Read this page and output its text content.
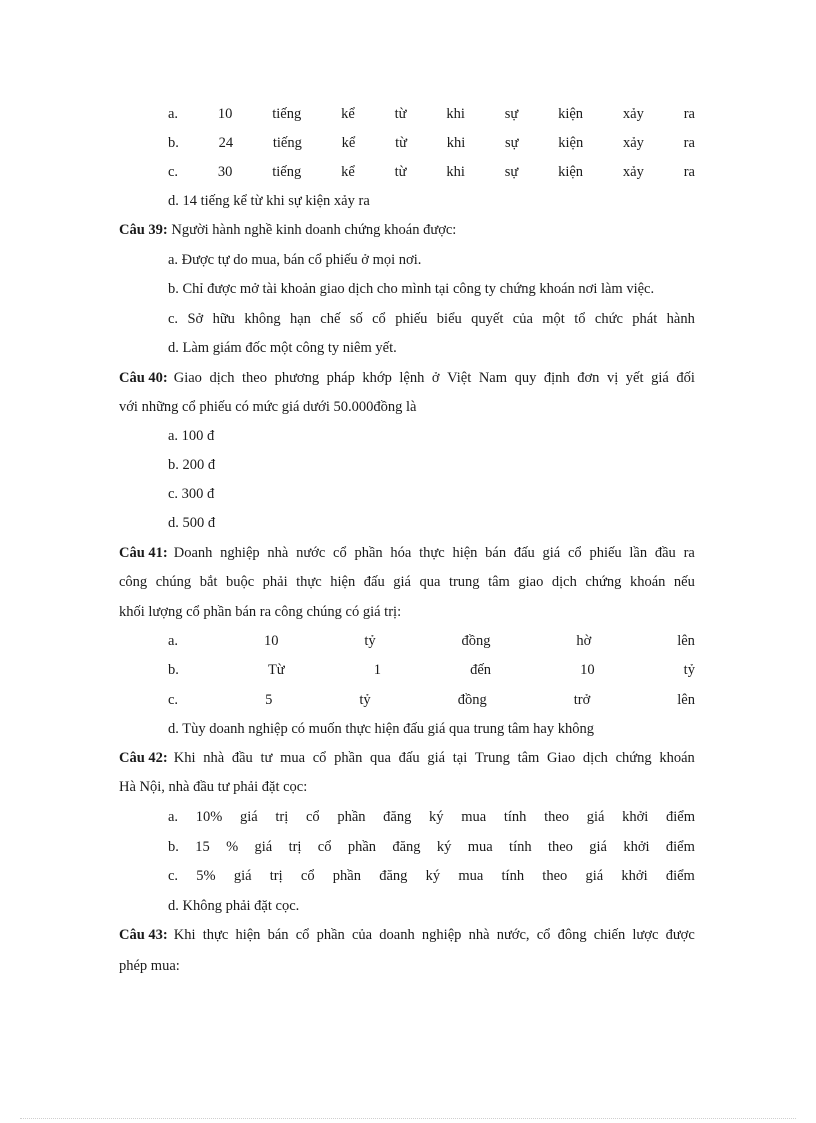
a.	10	tiếng	kể	từ	khi	sự	kiện	xảy	ra
b.	24	tiếng	kể	từ	khi	sự	kiện	xảy	ra
c.	30	tiếng	kể	từ	khi	sự	kiện	xảy	ra
d. 14 tiếng kể từ khi sự kiện xảy ra
Câu 39: Người hành nghề kinh doanh chứng khoán được:
a. Được tự do mua, bán cổ phiếu ở mọi nơi.
b. Chỉ được mở tài khoản giao dịch cho mình tại công ty chứng khoán nơi làm việc.
c. Sở hữu không hạn chế số cổ phiếu biểu quyết của một tổ chức phát hành
d. Làm giám đốc một công ty niêm yết.
Câu 40: Giao dịch theo phương pháp khớp lệnh ở Việt Nam quy định đơn vị yết giá đối
với những cổ phiếu có mức giá dưới 50.000đồng là
a. 100 đ
b. 200 đ
c. 300 đ
d. 500 đ
Câu 41: Doanh nghiệp nhà nước cổ phần hóa thực hiện bán đấu giá cổ phiếu lần đầu ra
công chúng bắt buộc phải thực hiện đấu giá qua trung tâm giao dịch chứng khoán nếu
khối lượng cổ phần bán ra công chúng có giá trị:
a.	10	tỷ	đồng	hờ	lên
b.	Từ	1	đến	10	tỷ
c.	5	tỷ	đồng	trở	lên
d. Tùy doanh nghiệp có muốn thực hiện đấu giá qua trung tâm hay không
Câu 42: Khi nhà đầu tư mua cổ phần qua đấu giá tại Trung tâm Giao dịch chứng khoán
Hà Nội, nhà đầu tư phải đặt cọc:
a. 10% giá trị cổ phần đăng ký mua tính theo giá khởi điểm
b. 15 % giá trị cổ phần đăng ký mua tính theo giá khởi điểm
c. 5% giá trị cổ phần đăng ký mua tính theo giá khởi điểm
d. Không phải đặt cọc.
Câu 43: Khi thực hiện bán cổ phần của doanh nghiệp nhà nước, cổ đông chiến lược được
phép mua:
